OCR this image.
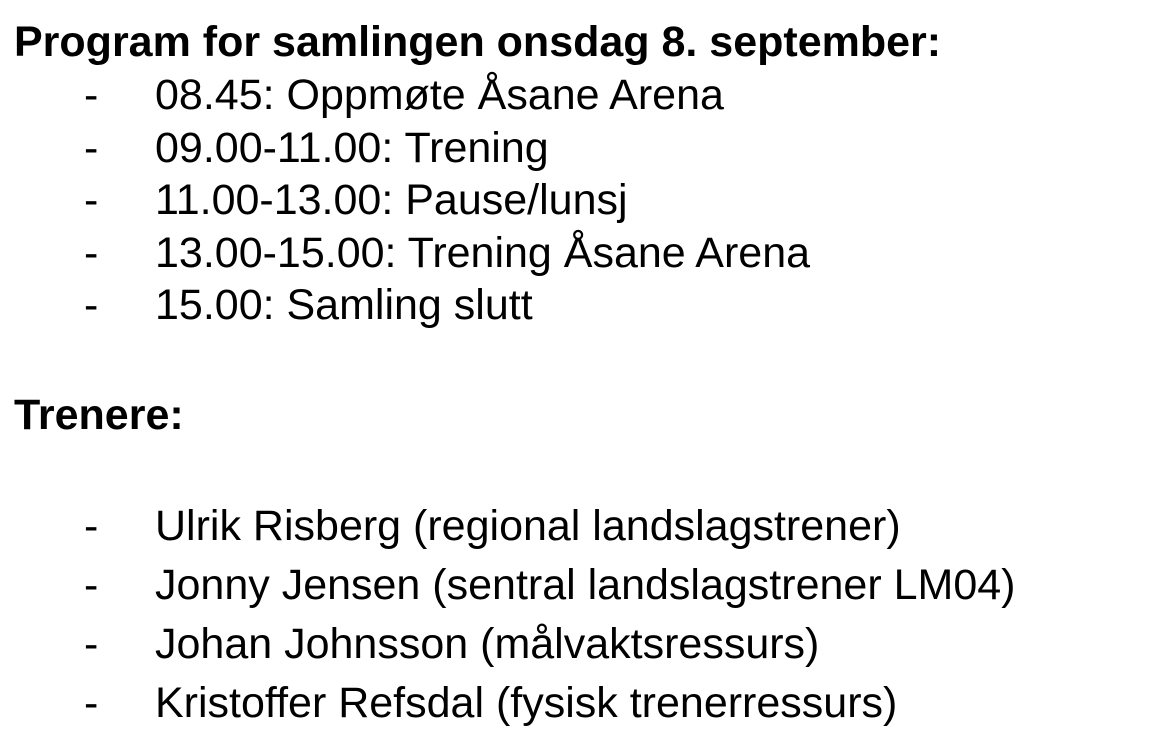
Program for samlingen onsdag 8. september:
- 08.45: Oppmøte Åsane Arena
- 09.00-11.00: Trening
- 11.00-13.00: Pause/lunsj
- 13.00-15.00: Trening Åsane Arena
- 15.00: Samling slutt
Trenere:
- Ulrik Risberg (regional landslagstrener)
- Jonny Jensen (sentral landslagstrener LM04)
- Johan Johnsson (målvaktsressurs)
- Kristoffer Refsdal (fysisk trenerressurs)
